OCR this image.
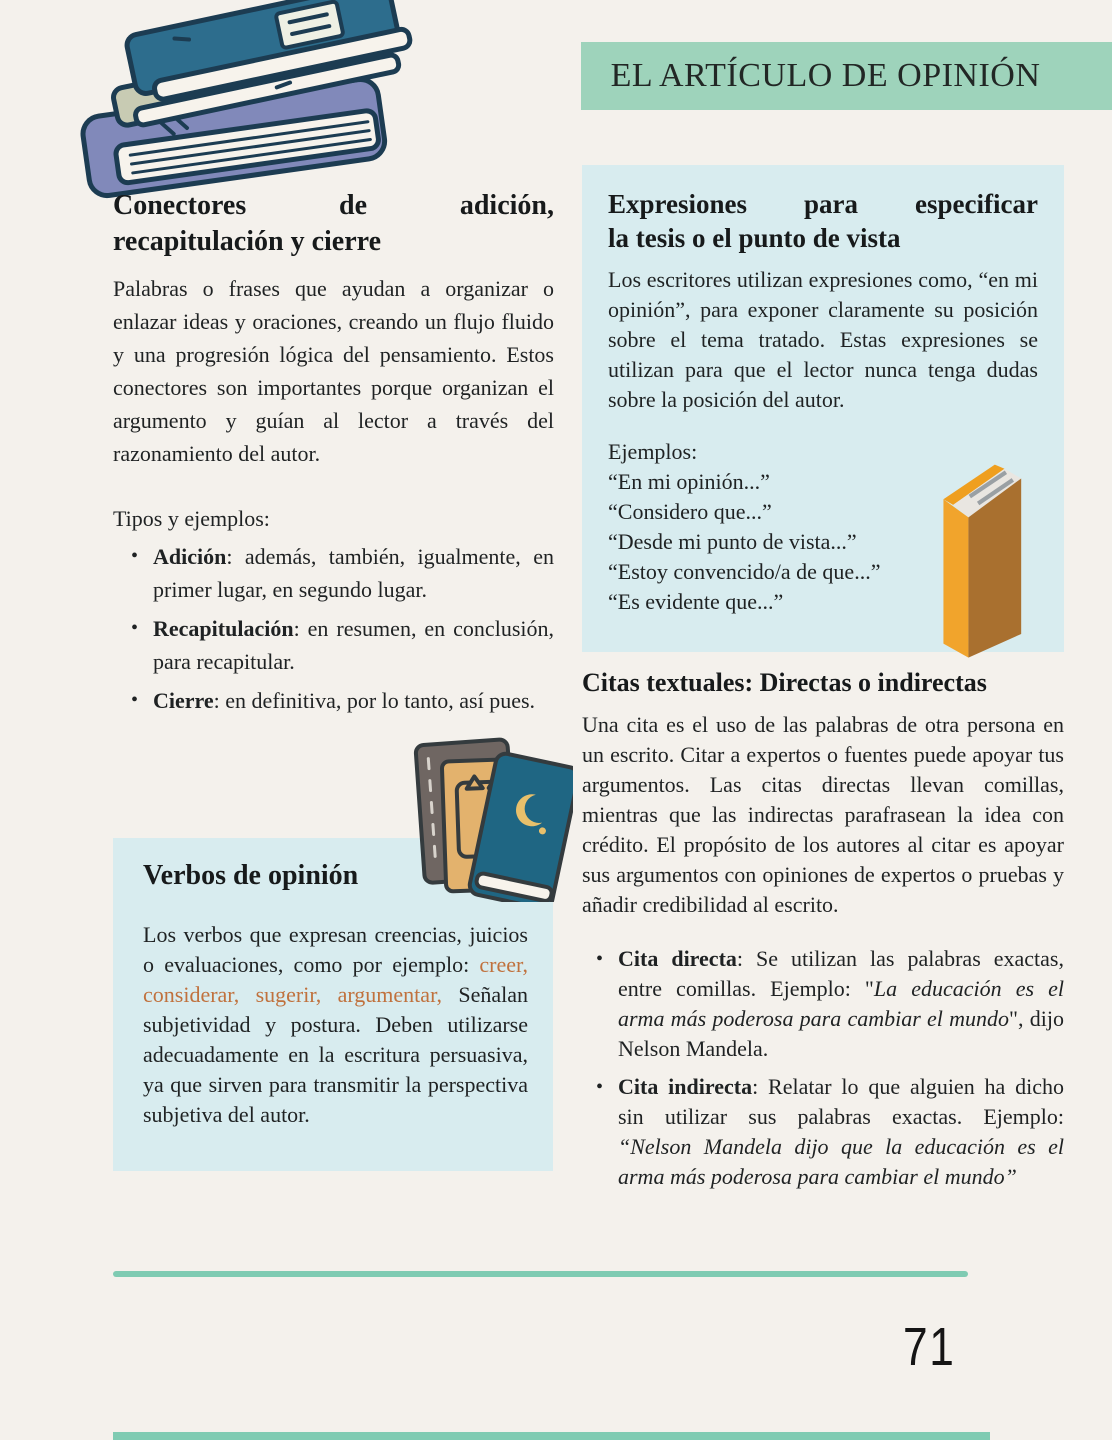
EL ARTÍCULO DE OPINIÓN
Conectores de adición,
recapitulación y cierre
Palabras o frases que ayudan a organizar o enlazar ideas y oraciones, creando un flujo fluido y una progresión lógica del pensamiento. Estos conectores son importantes porque organizan el argumento y guían al lector a través del razonamiento del autor.
Tipos y ejemplos:
• Adición: además, también, igualmente, en primer lugar, en segundo lugar.
• Recapitulación: en resumen, en conclusión, para recapitular.
• Cierre: en definitiva, por lo tanto, así pues.
Expresiones para especificar
la tesis o el punto de vista
Los escritores utilizan expresiones como, “en mi opinión”, para exponer claramente su posición sobre el tema tratado. Estas expresiones se utilizan para que el lector nunca tenga dudas sobre la posición del autor.
Ejemplos:
“En mi opinión...”
“Considero que...”
“Desde mi punto de vista...”
“Estoy convencido/a de que...”
“Es evidente que...”
Citas textuales: Directas o indirectas
Una cita es el uso de las palabras de otra persona en un escrito. Citar a expertos o fuentes puede apoyar tus argumentos. Las citas directas llevan comillas, mientras que las indirectas parafrasean la idea con crédito. El propósito de los autores al citar es apoyar sus argumentos con opiniones de expertos o pruebas y añadir credibilidad al escrito.
• Cita directa: Se utilizan las palabras exactas, entre comillas. Ejemplo: "La educación es el arma más poderosa para cambiar el mundo", dijo Nelson Mandela.
• Cita indirecta: Relatar lo que alguien ha dicho sin utilizar sus palabras exactas. Ejemplo: “Nelson Mandela dijo que la educación es el arma más poderosa para cambiar el mundo”
Verbos de opinión
Los verbos que expresan creencias, juicios o evaluaciones, como por ejemplo: creer, considerar, sugerir, argumentar, Señalan subjetividad y postura. Deben utilizarse adecuadamente en la escritura persuasiva, ya que sirven para transmitir la perspectiva subjetiva del autor.
71
